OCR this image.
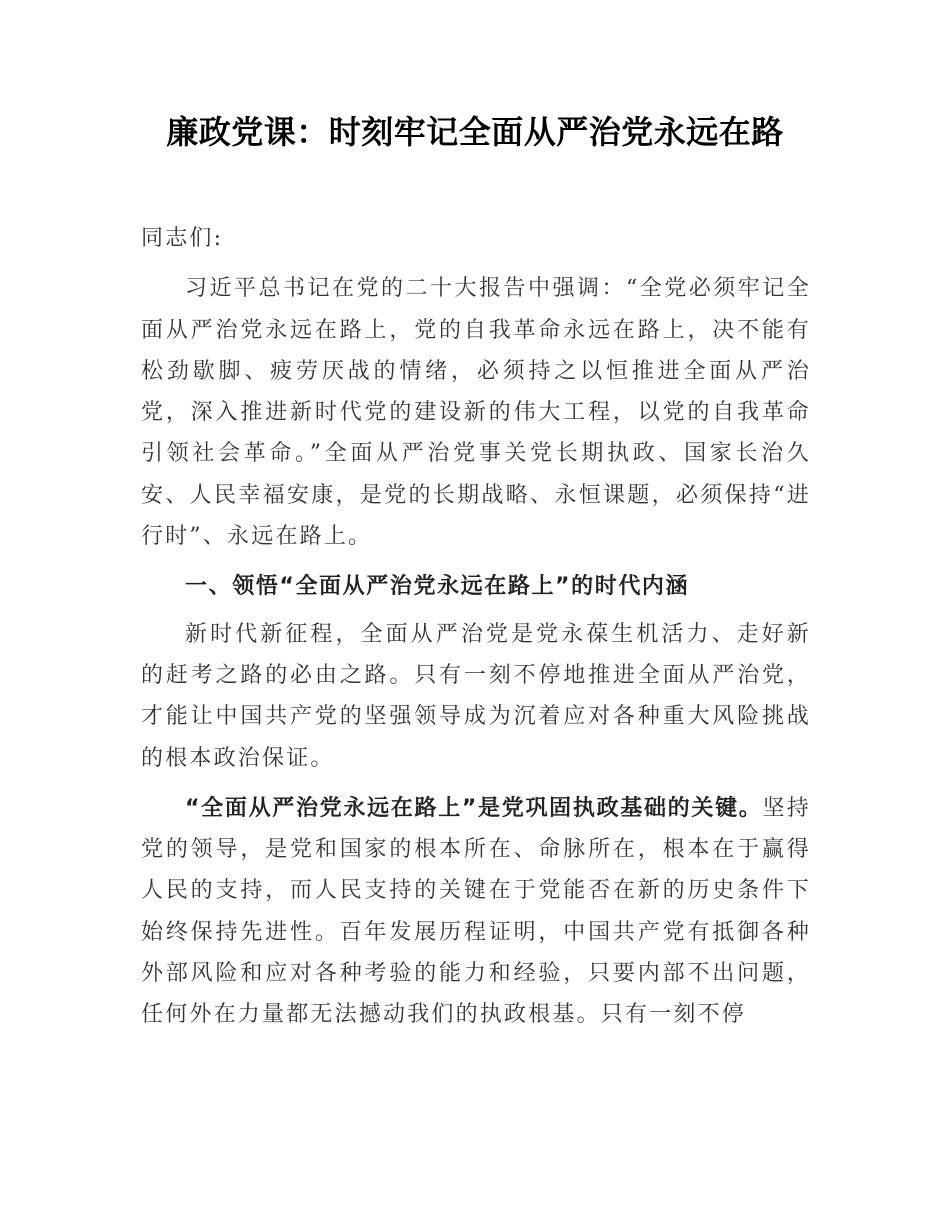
廉政党课：时刻牢记全面从严治党永远在路

同志们:

习近平总书记在党的二十大报告中强调：“全党必须牢记全面从严治党永远在路上，党的自我革命永远在路上，决不能有松劲歇脚、疲劳厌战的情绪，必须持之以恒推进全面从严治党，深入推进新时代党的建设新的伟大工程，以党的自我革命引领社会革命。”全面从严治党事关党长期执政、国家长治久安、人民幸福安康，是党的长期战略、永恒课题，必须保持“进行时”、永远在路上。

一、领悟“全面从严治党永远在路上”的时代内涵

新时代新征程，全面从严治党是党永葆生机活力、走好新的赶考之路的必由之路。只有一刻不停地推进全面从严治党，才能让中国共产党的坚强领导成为沉着应对各种重大风险挑战的根本政治保证。

“全面从严治党永远在路上”是党巩固执政基础的关键。坚持党的领导，是党和国家的根本所在、命脉所在，根本在于赢得人民的支持，而人民支持的关键在于党能否在新的历史条件下始终保持先进性。百年发展历程证明，中国共产党有抵御各种外部风险和应对各种考验的能力和经验，只要内部不出问题，任何外在力量都无法撼动我们的执政根基。只有一刻不停
